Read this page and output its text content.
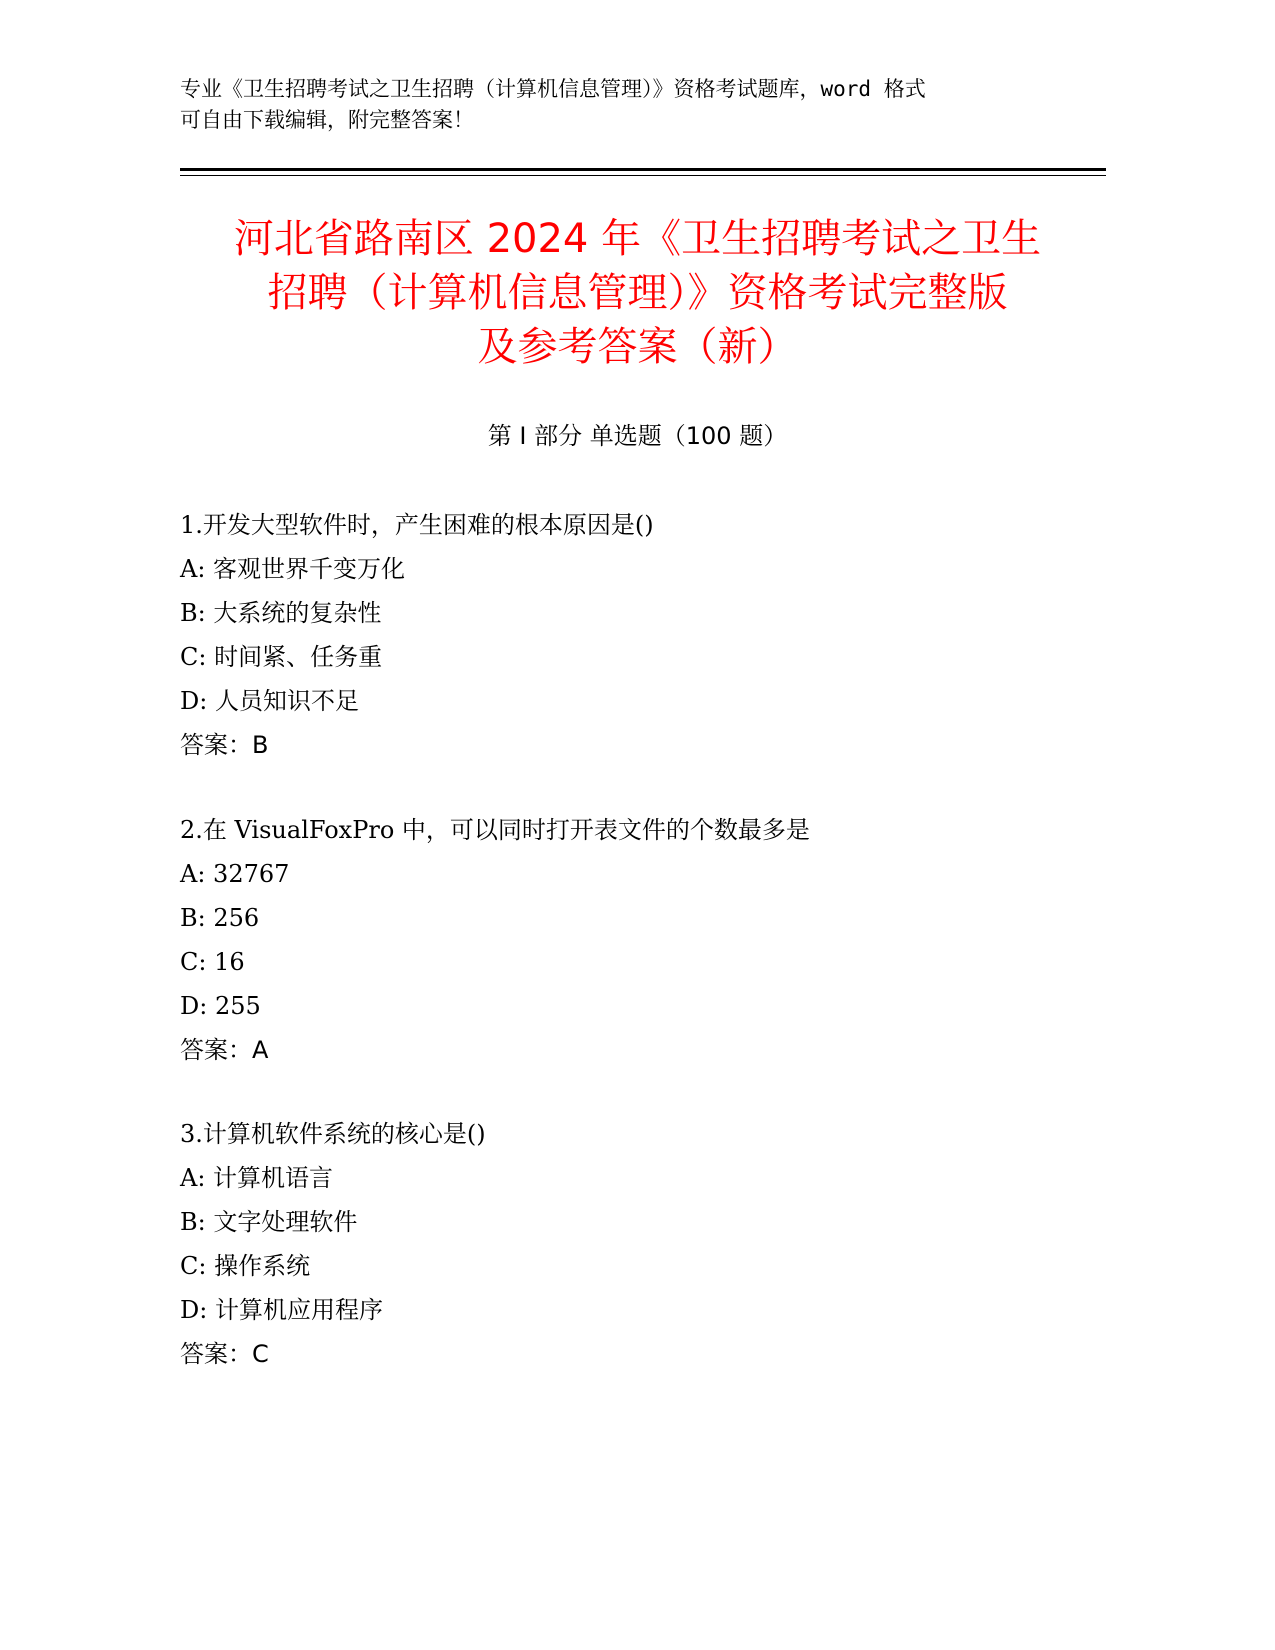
专业《卫生招聘考试之卫生招聘（计算机信息管理）》资格考试题库，word 格式
可自由下载编辑，附完整答案！
河北省路南区 2024 年《卫生招聘考试之卫生
招聘（计算机信息管理）》资格考试完整版
及参考答案（新）
第 I 部分 单选题（100 题）
1.开发大型软件时，产生困难的根本原因是()
A: 客观世界千变万化
B: 大系统的复杂性
C: 时间紧、任务重
D: 人员知识不足
答案：B
2.在 VisualFoxPro 中，可以同时打开表文件的个数最多是
A: 32767
B: 256
C: 16
D: 255
答案：A
3.计算机软件系统的核心是()
A: 计算机语言
B: 文字处理软件
C: 操作系统
D: 计算机应用程序
答案：C
